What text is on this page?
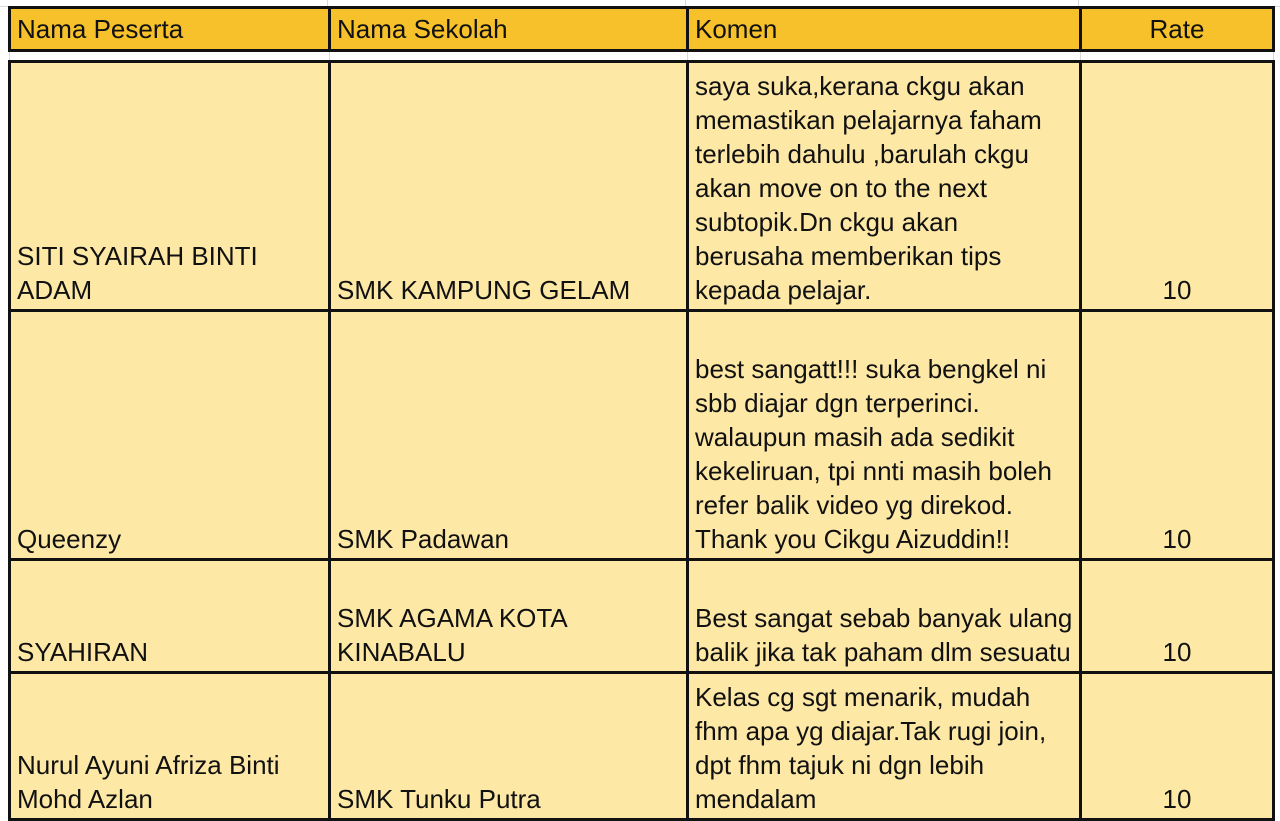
Nama Peserta	Nama Sekolah	Komen	Rate

SITI SYAIRAH BINTI ADAM	SMK KAMPUNG GELAM	saya suka,kerana ckgu akan memastikan pelajarnya faham terlebih dahulu ,barulah ckgu akan move on to the next subtopik.Dn ckgu akan berusaha memberikan tips kepada pelajar.	10
Queenzy	SMK Padawan	best sangatt!!! suka bengkel ni sbb diajar dgn terperinci. walaupun masih ada sedikit kekeliruan, tpi nnti masih boleh refer balik video yg direkod. Thank you Cikgu Aizuddin!!	10
SYAHIRAN	SMK AGAMA KOTA KINABALU	Best sangat sebab banyak ulang balik jika tak paham dlm sesuatu	10
Nurul Ayuni Afriza Binti Mohd Azlan	SMK Tunku Putra	Kelas cg sgt menarik, mudah fhm apa yg diajar.Tak rugi join, dpt fhm tajuk ni dgn lebih mendalam	10
